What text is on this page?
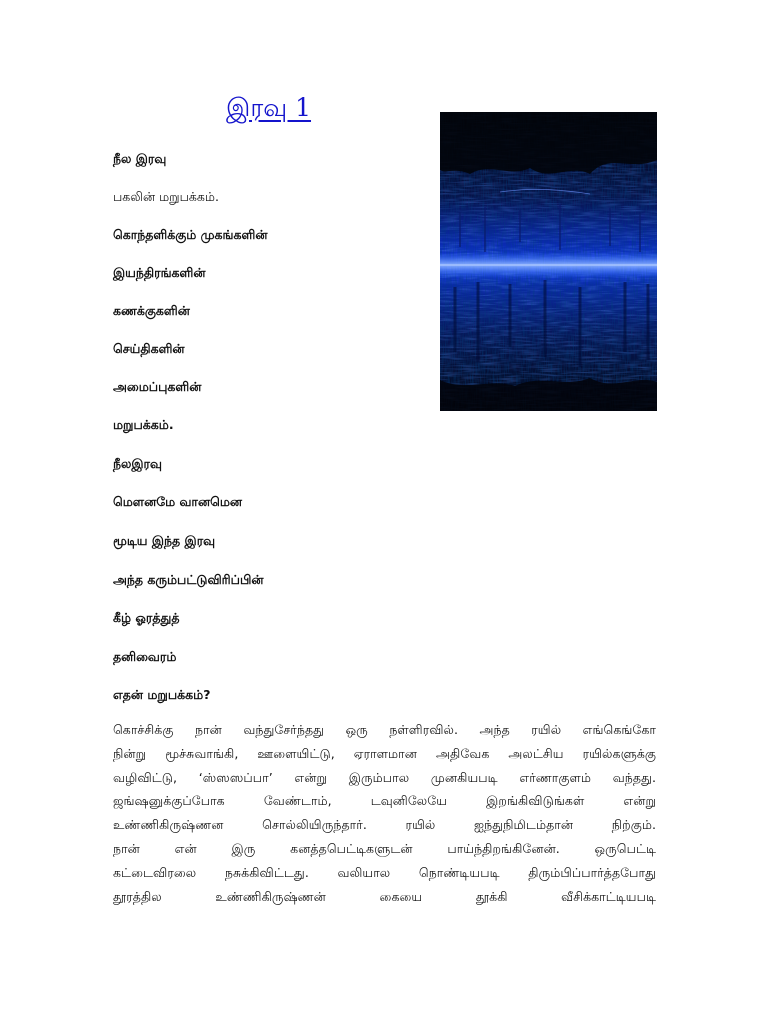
இரவு 1
நீல இரவு
பகலின் மறுபக்கம்.
கொந்தளிக்கும் முகங்களின்
இயந்திரங்களின்
கணக்குகளின்
செய்திகளின்
அமைப்புகளின்
மறுபக்கம்.
நீலஇரவு
மௌனமே வானமென
மூடிய இந்த இரவு
அந்த கரும்பட்டுவிரிப்பின்
கீழ் ஓரத்துத்
தனிவைரம்
எதன் மறுபக்கம்?
கொச்சிக்கு நான் வந்துசேர்ந்தது ஒரு நள்ளிரவில். அந்த ரயில் எங்கெங்கோ
நின்று மூச்சுவாங்கி, ஊளையிட்டு, ஏராளமான அதிவேக அலட்சிய ரயில்களுக்கு
வழிவிட்டு, ‘ஸ்ஸஸப்பா’ என்று இரும்பால முனகியபடி எர்ணாகுளம் வந்தது.
ஜங்ஷனுக்குப்போக வேண்டாம், டவுனிலேயே இறங்கிவிடுங்கள் என்று
உண்ணிகிருஷ்ணன சொல்லியிருந்தார். ரயில் ஐந்துநிமிடம்தான் நிற்கும்.
நான் என் இரு கனத்தபெட்டிகளுடன் பாய்ந்திறங்கினேன். ஒருபெட்டி
கட்டைவிரலை நசுக்கிவிட்டது. வலியால நொண்டியபடி திரும்பிப்பார்த்தபோது
தூரத்தில உண்ணிகிருஷ்ணன் கையை தூக்கி வீசிக்காட்டியபடி
